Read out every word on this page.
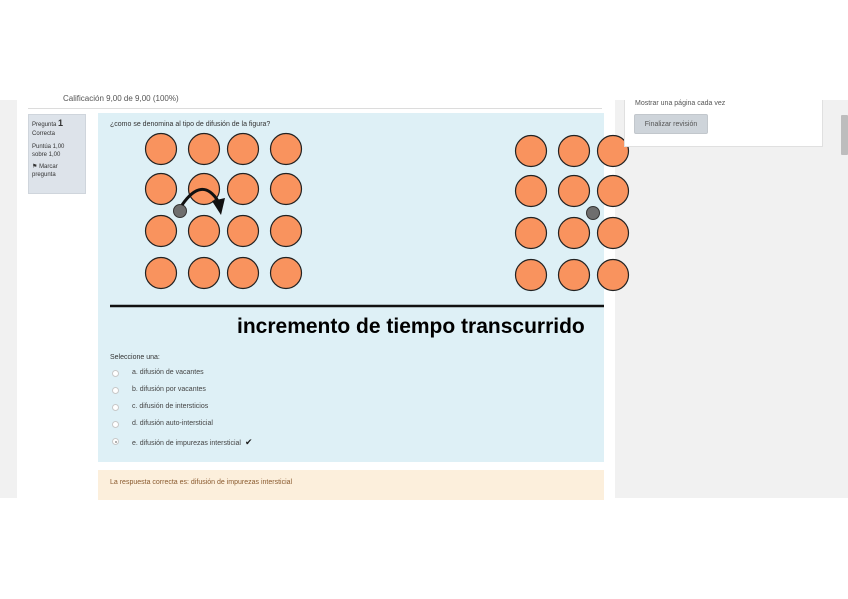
Calificación 9,00 de 9,00 (100%)
Pregunta 1
Correcta
Puntúa 1,00
sobre 1,00
⚑ Marcar
pregunta
¿como se denomina al tipo de difusión de la figura?
incremento de tiempo transcurrido
Seleccione una:
a. difusión de vacantes
b. difusión por vacantes
c. difusión de intersticios
d. difusión auto-intersticial
e. difusión de impurezas intersticial ✔
La respuesta correcta es: difusión de impurezas intersticial
Mostrar una página cada vez
Finalizar revisión
